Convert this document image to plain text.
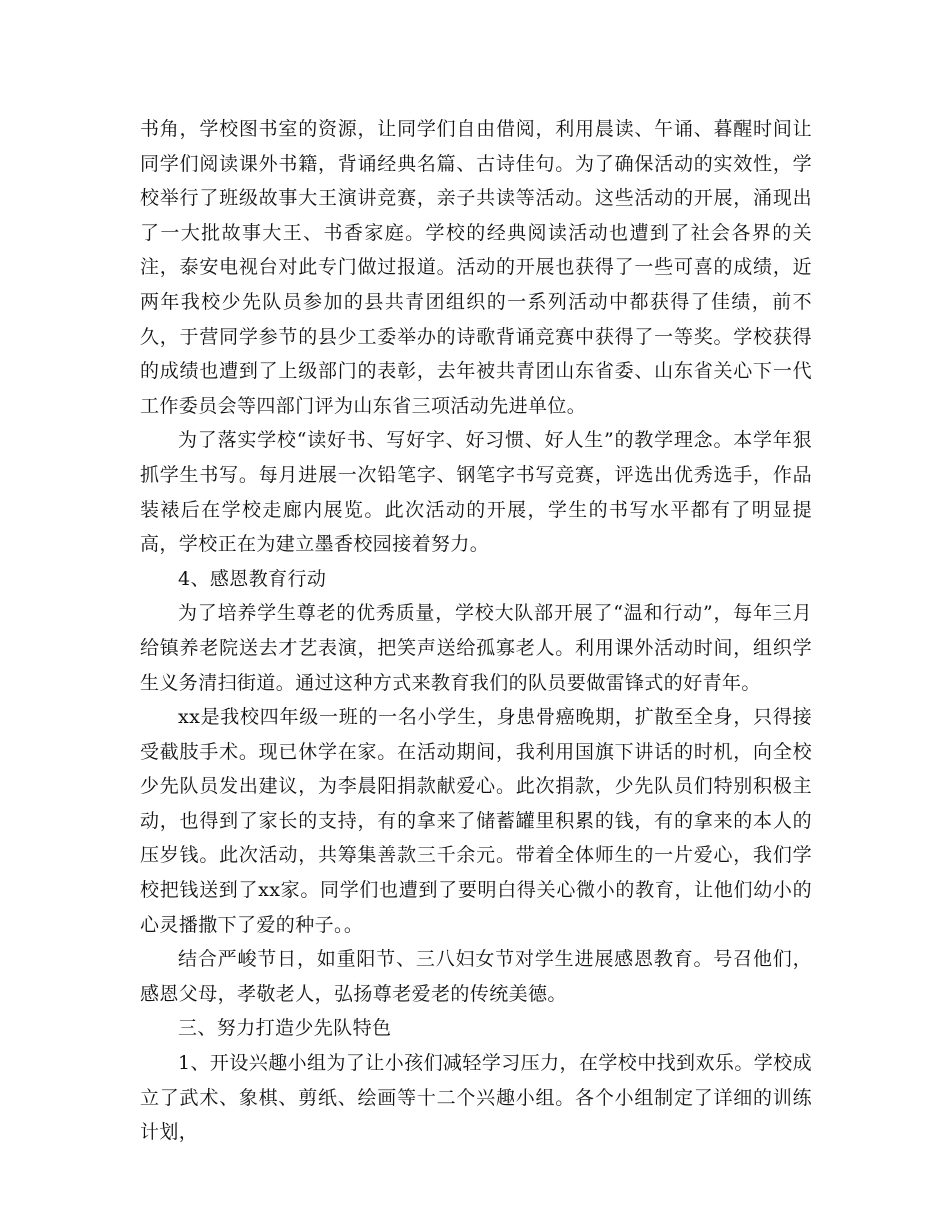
书角，学校图书室的资源，让同学们自由借阅，利用晨读、午诵、暮醒时间让同学们阅读课外书籍，背诵经典名篇、古诗佳句。为了确保活动的实效性，学校举行了班级故事大王演讲竞赛，亲子共读等活动。这些活动的开展，涌现出了一大批故事大王、书香家庭。学校的经典阅读活动也遭到了社会各界的关注，泰安电视台对此专门做过报道。活动的开展也获得了一些可喜的成绩，近两年我校少先队员参加的县共青团组织的一系列活动中都获得了佳绩，前不久，于营同学参节的县少工委举办的诗歌背诵竞赛中获得了一等奖。学校获得的成绩也遭到了上级部门的表彰，去年被共青团山东省委、山东省关心下一代工作委员会等四部门评为山东省三项活动先进单位。

为了落实学校“读好书、写好字、好习惯、好人生”的教学理念。本学年狠抓学生书写。每月进展一次铅笔字、钢笔字书写竞赛，评选出优秀选手，作品装裱后在学校走廊内展览。此次活动的开展，学生的书写水平都有了明显提高，学校正在为建立墨香校园接着努力。

4、感恩教育行动

为了培养学生尊老的优秀质量，学校大队部开展了“温和行动”，每年三月给镇养老院送去才艺表演，把笑声送给孤寡老人。利用课外活动时间，组织学生义务清扫街道。通过这种方式来教育我们的队员要做雷锋式的好青年。

xx是我校四年级一班的一名小学生，身患骨癌晚期，扩散至全身，只得接受截肢手术。现已休学在家。在活动期间，我利用国旗下讲话的时机，向全校少先队员发出建议，为李晨阳捐款献爱心。此次捐款，少先队员们特别积极主动，也得到了家长的支持，有的拿来了储蓄罐里积累的钱，有的拿来的本人的压岁钱。此次活动，共筹集善款三千余元。带着全体师生的一片爱心，我们学校把钱送到了xx家。同学们也遭到了要明白得关心微小的教育，让他们幼小的心灵播撒下了爱的种子。。

结合严峻节日，如重阳节、三八妇女节对学生进展感恩教育。号召他们，感恩父母，孝敬老人，弘扬尊老爱老的传统美德。

三、努力打造少先队特色

1、开设兴趣小组为了让小孩们减轻学习压力，在学校中找到欢乐。学校成立了武术、象棋、剪纸、绘画等十二个兴趣小组。各个小组制定了详细的训练计划，
